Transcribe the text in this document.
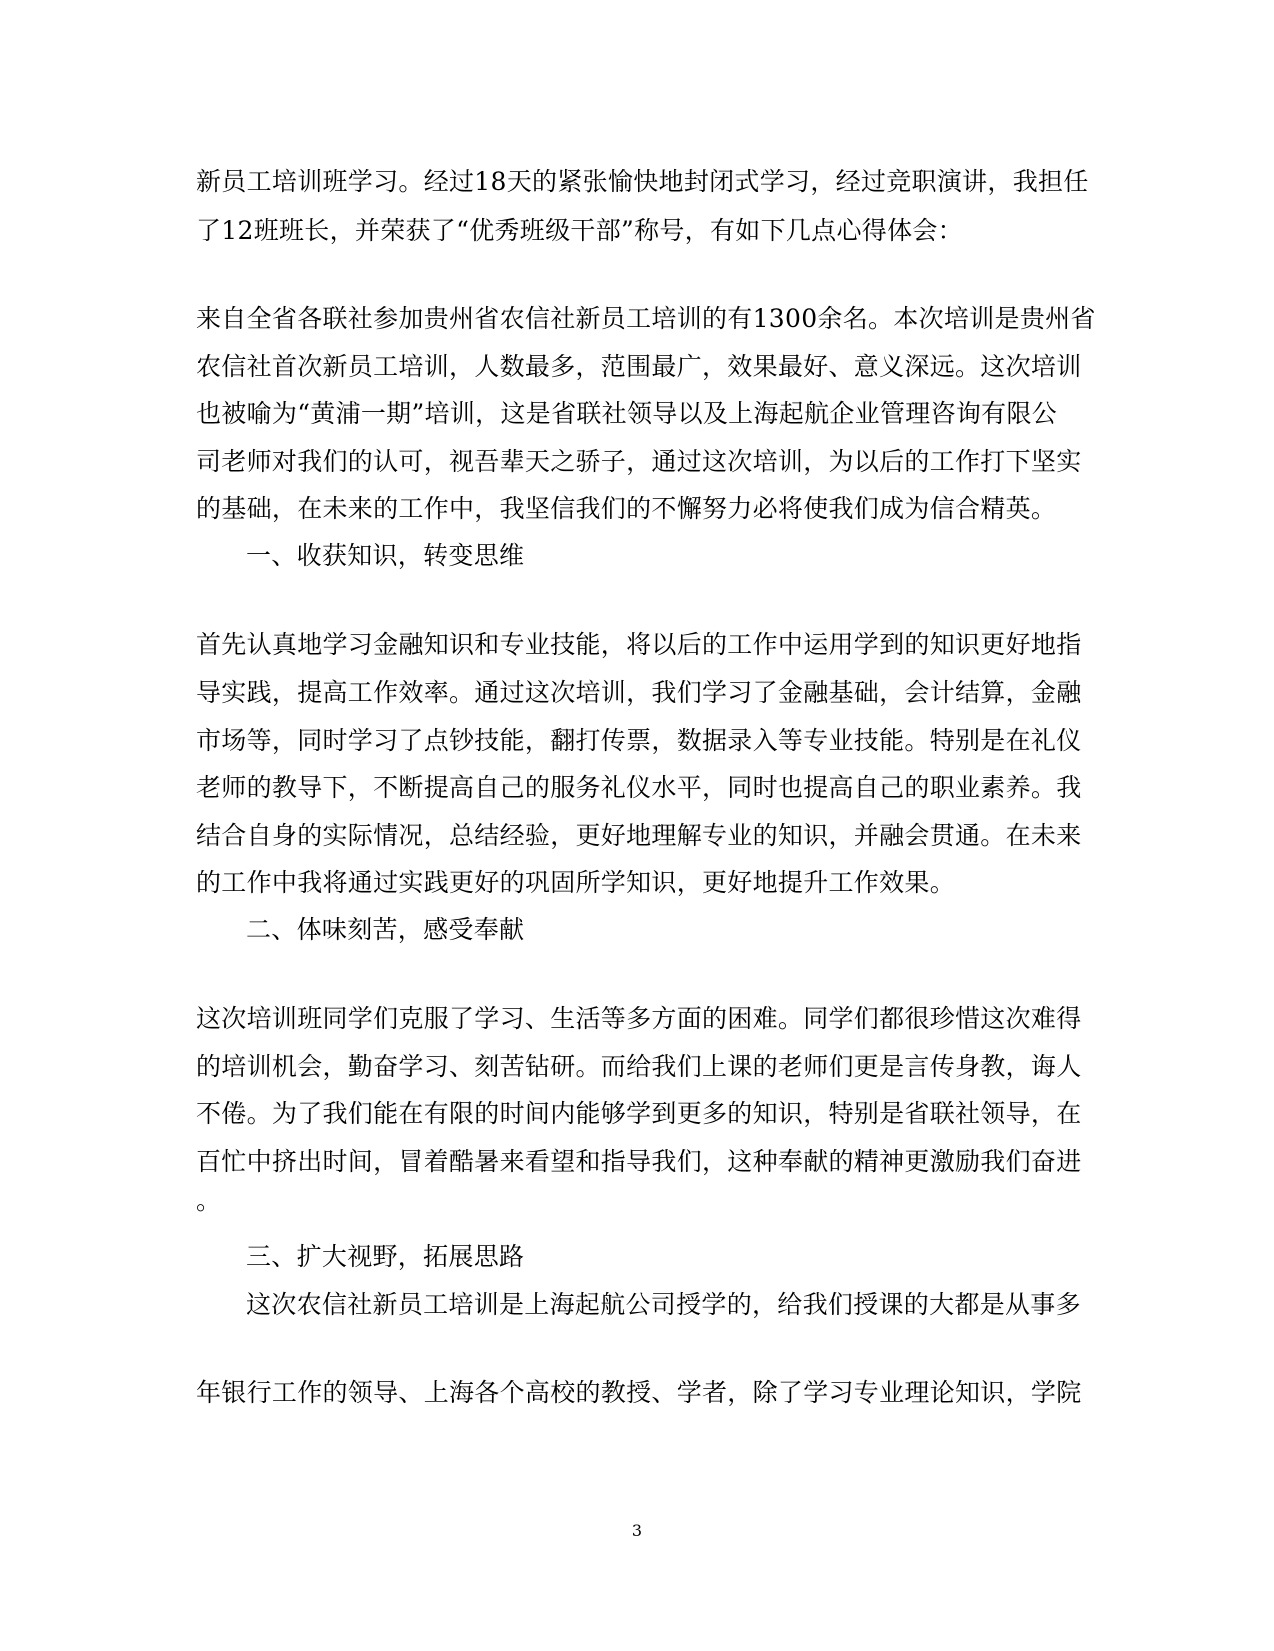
新员工培训班学习。经过18天的紧张愉快地封闭式学习，经过竞职演讲，我担任
了12班班长，并荣获了“优秀班级干部”称号，有如下几点心得体会：
来自全省各联社参加贵州省农信社新员工培训的有1300余名。本次培训是贵州省
农信社首次新员工培训，人数最多，范围最广，效果最好、意义深远。这次培训
也被喻为“黄浦一期”培训，这是省联社领导以及上海起航企业管理咨询有限公
司老师对我们的认可，视吾辈天之骄子，通过这次培训，为以后的工作打下坚实
的基础，在未来的工作中，我坚信我们的不懈努力必将使我们成为信合精英。
一、收获知识，转变思维
首先认真地学习金融知识和专业技能，将以后的工作中运用学到的知识更好地指
导实践，提高工作效率。通过这次培训，我们学习了金融基础，会计结算，金融
市场等，同时学习了点钞技能，翻打传票，数据录入等专业技能。特别是在礼仪
老师的教导下，不断提高自己的服务礼仪水平，同时也提高自己的职业素养。我
结合自身的实际情况，总结经验，更好地理解专业的知识，并融会贯通。在未来
的工作中我将通过实践更好的巩固所学知识，更好地提升工作效果。
二、体味刻苦，感受奉献
这次培训班同学们克服了学习、生活等多方面的困难。同学们都很珍惜这次难得
的培训机会，勤奋学习、刻苦钻研。而给我们上课的老师们更是言传身教，诲人
不倦。为了我们能在有限的时间内能够学到更多的知识，特别是省联社领导，在
百忙中挤出时间，冒着酷暑来看望和指导我们，这种奉献的精神更激励我们奋进
。
三、扩大视野，拓展思路
这次农信社新员工培训是上海起航公司授学的，给我们授课的大都是从事多
年银行工作的领导、上海各个高校的教授、学者，除了学习专业理论知识，学院
3
